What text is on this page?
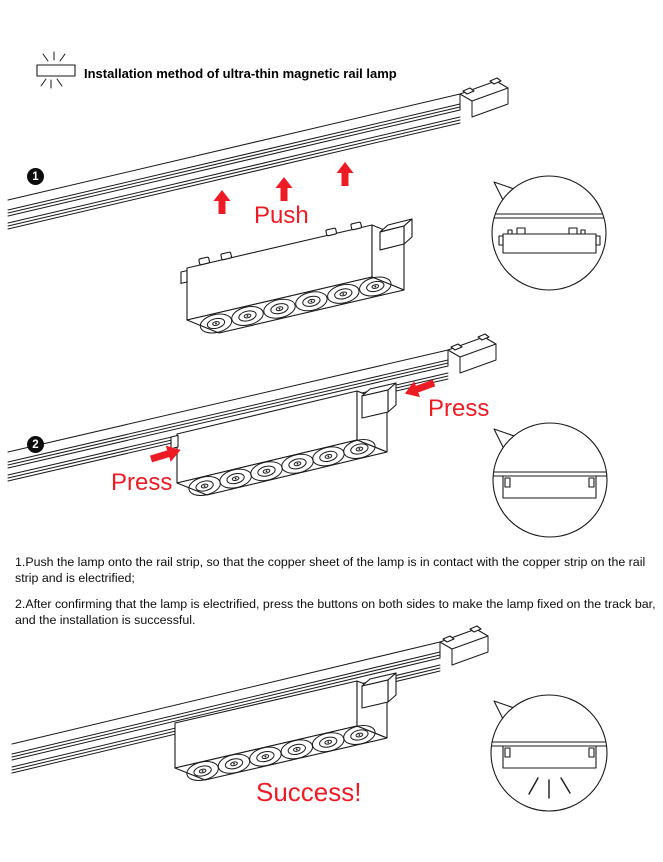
Installation method of ultra-thin magnetic rail lamp
1
2
Push
Press
Press
Success!

1.Push the lamp onto the rail strip, so that the copper sheet of the lamp is in contact with the copper strip on the rail strip and is electrified;

2.After confirming that the lamp is electrified, press the buttons on both sides to make the lamp fixed on the track bar, and the installation is successful.
